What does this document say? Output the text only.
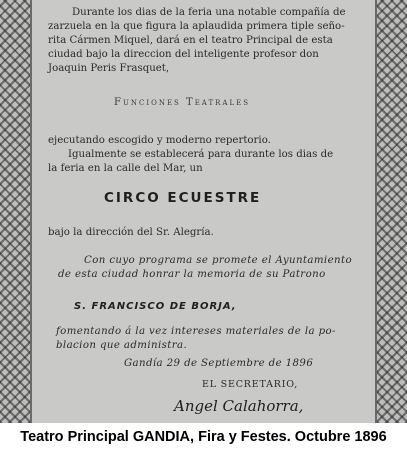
Durante los dias de la feria una notable compañía de
zarzuela en la que figura la aplaudida primera tiple seño-
rita Cármen Miquel, dará en el teatro Principal de esta
ciudad bajo la direccion del inteligente profesor don
Joaquin Peris Frasquet,
Funciones Teatrales
ejecutando escogido y moderno repertorio.
Igualmente se establecerá para durante los dias de
la feria en la calle del Mar, un
CIRCO ECUESTRE
bajo la dirección del Sr. Alegría.
Con cuyo programa se promete el Ayuntamiento
de esta ciudad honrar la memoria de su Patrono
S. FRANCISCO DE BORJA,
fomentando á la vez intereses materiales de la po-
blacion que administra.
Gandía 29 de Septiembre de 1896
EL SECRETARIO,
Angel Calahorra,
Teatro Principal GANDIA, Fira y Festes. Octubre 1896
